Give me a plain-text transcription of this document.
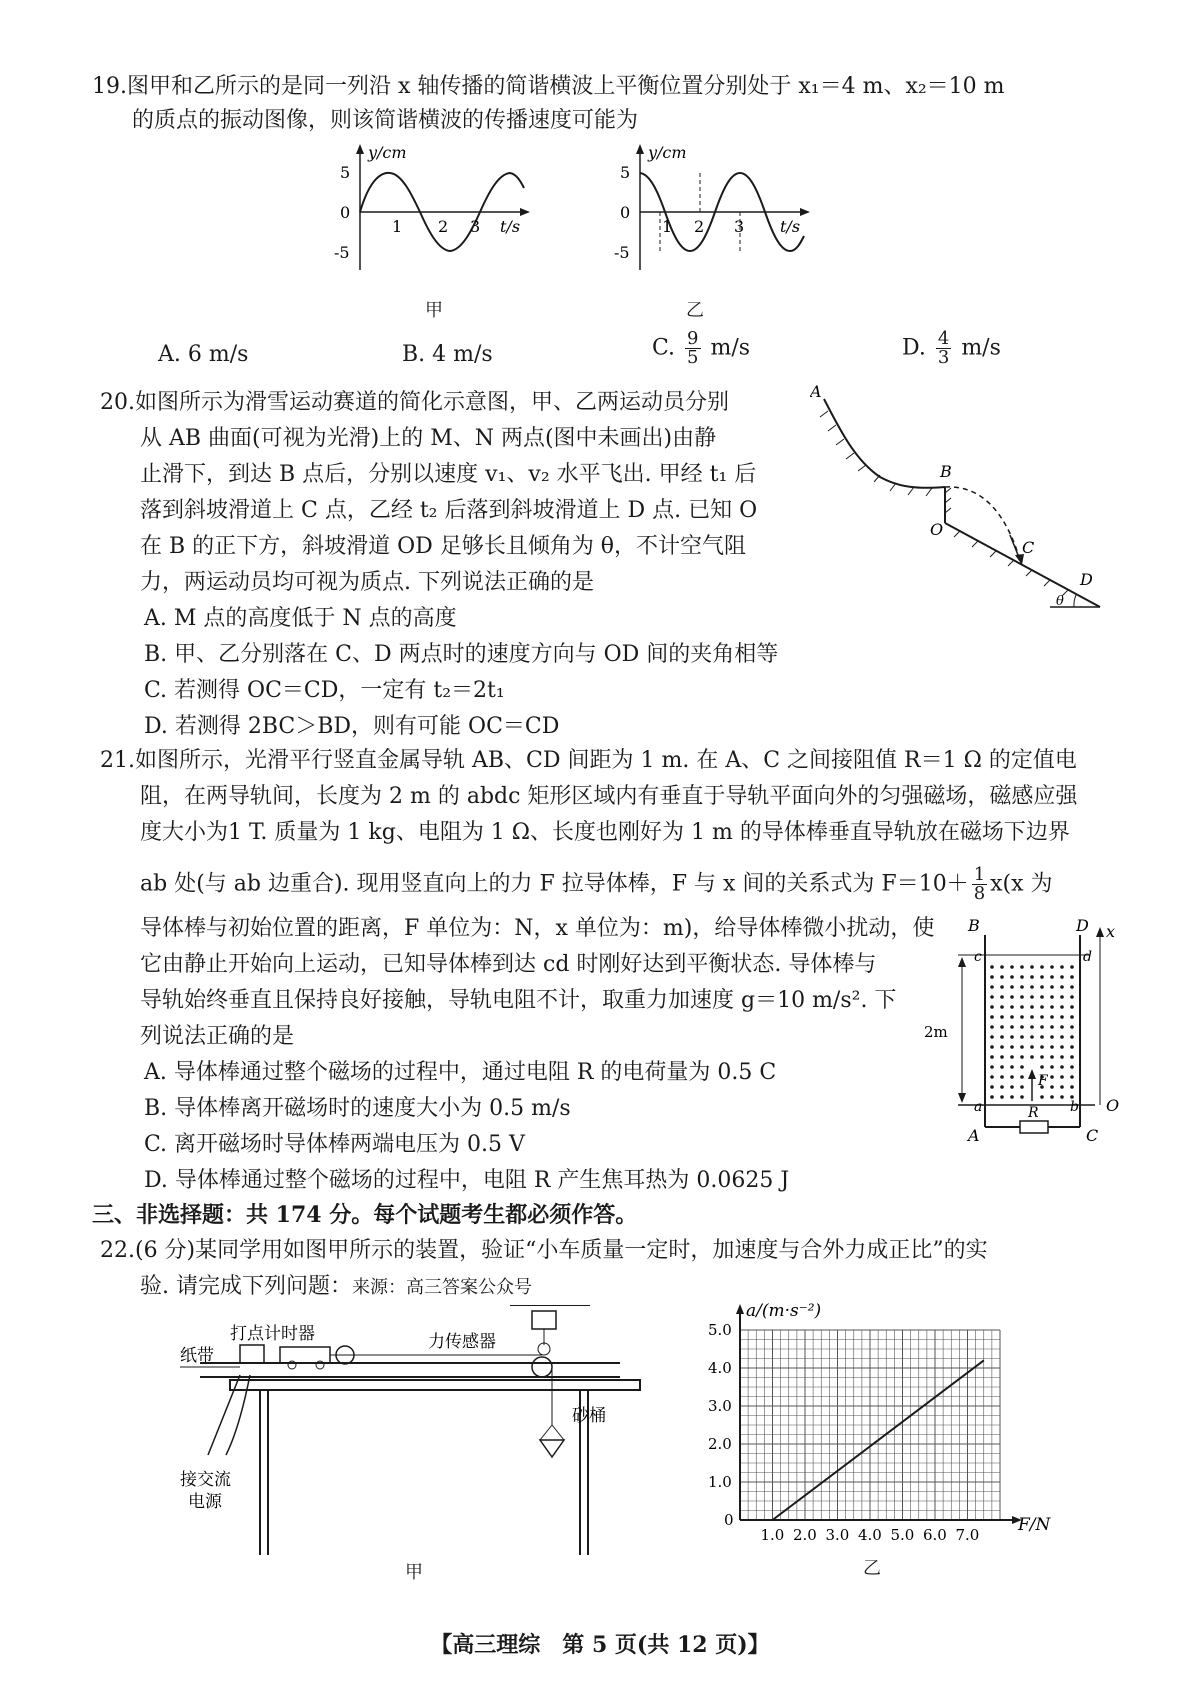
19.图甲和乙所示的是同一列沿 x 轴传播的简谐横波上平衡位置分别处于 x₁＝4 m、x₂＝10 m
的质点的振动图像，则该简谐横波的传播速度可能为
5
0
-5
1 2 3
y/cm
t/s
甲
5
0
-5
1 2 3
y/cm
t/s
乙
A. 6 m/s	B. 4 m/s	C. $\frac{9}{5} m/s$	D. $\frac{4}{3} m/s$
20.如图所示为滑雪运动赛道的简化示意图，甲、乙两运动员分别
从 AB 曲面(可视为光滑)上的 M、N 两点(图中未画出)由静
止滑下，到达 B 点后，分别以速度 v₁、v₂ 水平飞出. 甲经 t₁ 后
落到斜坡滑道上 C 点，乙经 t₂ 后落到斜坡滑道上 D 点. 已知 O
在 B 的正下方，斜坡滑道 OD 足够长且倾角为 θ，不计空气阻
力，两运动员均可视为质点. 下列说法正确的是
A. M 点的高度低于 N 点的高度
B. 甲、乙分别落在 C、D 两点时的速度方向与 OD 间的夹角相等
C. 若测得 OC＝CD，一定有 t₂＝2t₁
D. 若测得 2BC＞BD，则有可能 OC＝CD
A
B
O
C
D
θ
21.如图所示，光滑平行竖直金属导轨 AB、CD 间距为 1 m. 在 A、C 之间接阻值 R＝1 Ω 的定值电
阻，在两导轨间，长度为 2 m 的 abdc 矩形区域内有垂直于导轨平面向外的匀强磁场，磁感应强
度大小为1 T. 质量为 1 kg、电阻为 1 Ω、长度也刚好为 1 m 的导体棒垂直导轨放在磁场下边界
ab 处(与 ab 边重合). 现用竖直向上的力 F 拉导体棒，F 与 x 间的关系式为 $F=10+ \frac{1}{8} x(x$ 为
导体棒与初始位置的距离，F 单位为：N，x 单位为：m)，给导体棒微小扰动，使
它由静止开始向上运动，已知导体棒到达 cd 时刚好达到平衡状态. 导体棒与
导轨始终垂直且保持良好接触，导轨电阻不计，取重力加速度 g＝10 m/s². 下
列说法正确的是
A. 导体棒通过整个磁场的过程中，通过电阻 R 的电荷量为 0.5 C
B. 导体棒离开磁场时的速度大小为 0.5 m/s
C. 离开磁场时导体棒两端电压为 0.5 V
D. 导体棒通过整个磁场的过程中，电阻 R 产生焦耳热为 0.0625 J
B	D x
c	d
2m
F
a	b O
R
A	C
三、非选择题：共 174 分。每个试题考生都必须作答。
22.(6 分)某同学用如图甲所示的装置，验证“小车质量一定时，加速度与合外力成正比”的实
验. 请完成下列问题：来源：高三答案公众号
打点计时器	力传感器
纸带
砂桶
接交流
电源
甲
1.0 2.0 3.0 4.0 5.0 6.0 7.0
0
1.0
2.0
3.0
4.0
5.0
a/(m·s⁻²)
F/N
乙
【高三理综　第 5 页(共 12 页)】
